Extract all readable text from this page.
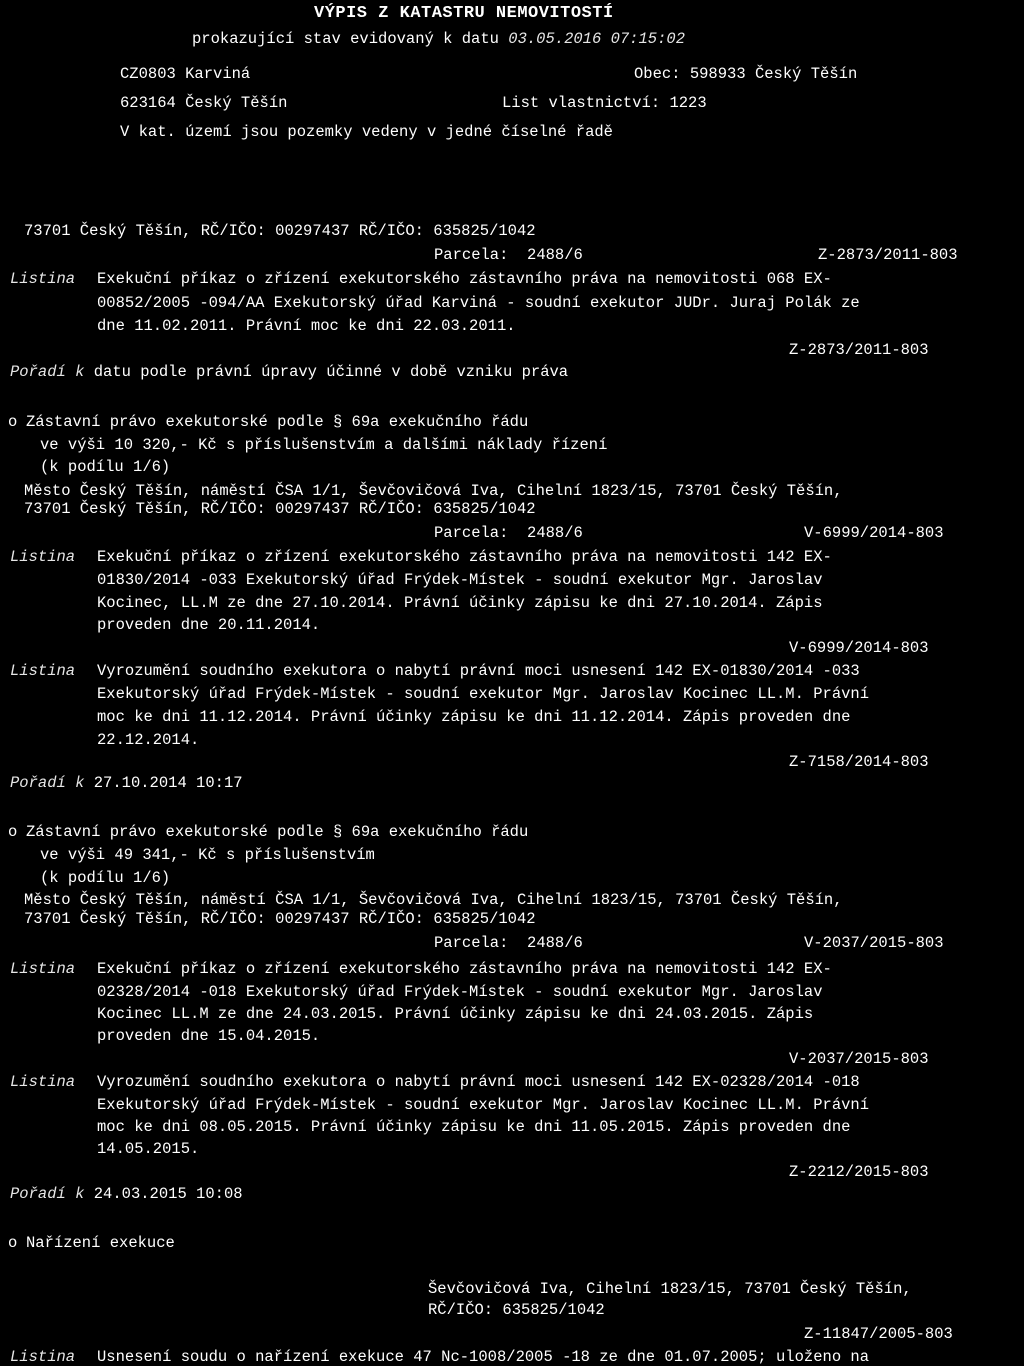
VÝPIS Z KATASTRU NEMOVITOSTÍ
prokazující stav evidovaný k datu 03.05.2016 07:15:02
CZ0803 Karviná	Obec: 598933 Český Těšín
623164 Český Těšín	List vlastnictví: 1223
V kat. území jsou pozemky vedeny v jedné číselné řadě
73701 Český Těšín, RČ/IČO: 00297437 RČ/IČO: 635825/1042
Parcela: 2488/6	Z-2873/2011-803
Listina Exekuční příkaz o zřízení exekutorského zástavního práva na nemovitosti 068 EX-
00852/2005 -094/AA Exekutorský úřad Karviná - soudní exekutor JUDr. Juraj Polák ze
dne 11.02.2011. Právní moc ke dni 22.03.2011.
Z-2873/2011-803
Pořadí k datu podle právní úpravy účinné v době vzniku práva
o Zástavní právo exekutorské podle § 69a exekučního řádu
ve výši 10 320,- Kč s příslušenstvím a dalšími náklady řízení
(k podílu 1/6)
Město Český Těšín, náměstí ČSA 1/1, Ševčovičová Iva, Cihelní 1823/15, 73701 Český Těšín,
73701 Český Těšín, RČ/IČO: 00297437 RČ/IČO: 635825/1042
Parcela: 2488/6	V-6999/2014-803
Listina Exekuční příkaz o zřízení exekutorského zástavního práva na nemovitosti 142 EX-
01830/2014 -033 Exekutorský úřad Frýdek-Místek - soudní exekutor Mgr. Jaroslav
Kocinec, LL.M ze dne 27.10.2014. Právní účinky zápisu ke dni 27.10.2014. Zápis
proveden dne 20.11.2014.
V-6999/2014-803
Listina Vyrozumění soudního exekutora o nabytí právní moci usnesení 142 EX-01830/2014 -033
Exekutorský úřad Frýdek-Místek - soudní exekutor Mgr. Jaroslav Kocinec LL.M. Právní
moc ke dni 11.12.2014. Právní účinky zápisu ke dni 11.12.2014. Zápis proveden dne
22.12.2014.
Z-7158/2014-803
Pořadí k 27.10.2014 10:17
o Zástavní právo exekutorské podle § 69a exekučního řádu
ve výši 49 341,- Kč s příslušenstvím
(k podílu 1/6)
Město Český Těšín, náměstí ČSA 1/1, Ševčovičová Iva, Cihelní 1823/15, 73701 Český Těšín,
73701 Český Těšín, RČ/IČO: 00297437 RČ/IČO: 635825/1042
Parcela: 2488/6	V-2037/2015-803
Listina Exekuční příkaz o zřízení exekutorského zástavního práva na nemovitosti 142 EX-
02328/2014 -018 Exekutorský úřad Frýdek-Místek - soudní exekutor Mgr. Jaroslav
Kocinec LL.M ze dne 24.03.2015. Právní účinky zápisu ke dni 24.03.2015. Zápis
proveden dne 15.04.2015.
V-2037/2015-803
Listina Vyrozumění soudního exekutora o nabytí právní moci usnesení 142 EX-02328/2014 -018
Exekutorský úřad Frýdek-Místek - soudní exekutor Mgr. Jaroslav Kocinec LL.M. Právní
moc ke dni 08.05.2015. Právní účinky zápisu ke dni 11.05.2015. Zápis proveden dne
14.05.2015.
Z-2212/2015-803
Pořadí k 24.03.2015 10:08
o Nařízení exekuce
Ševčovičová Iva, Cihelní 1823/15, 73701 Český Těšín,
RČ/IČO: 635825/1042
Z-11847/2005-803
Listina Usnesení soudu o nařízení exekuce 47 Nc-1008/2005 -18 ze dne 01.07.2005; uloženo na
